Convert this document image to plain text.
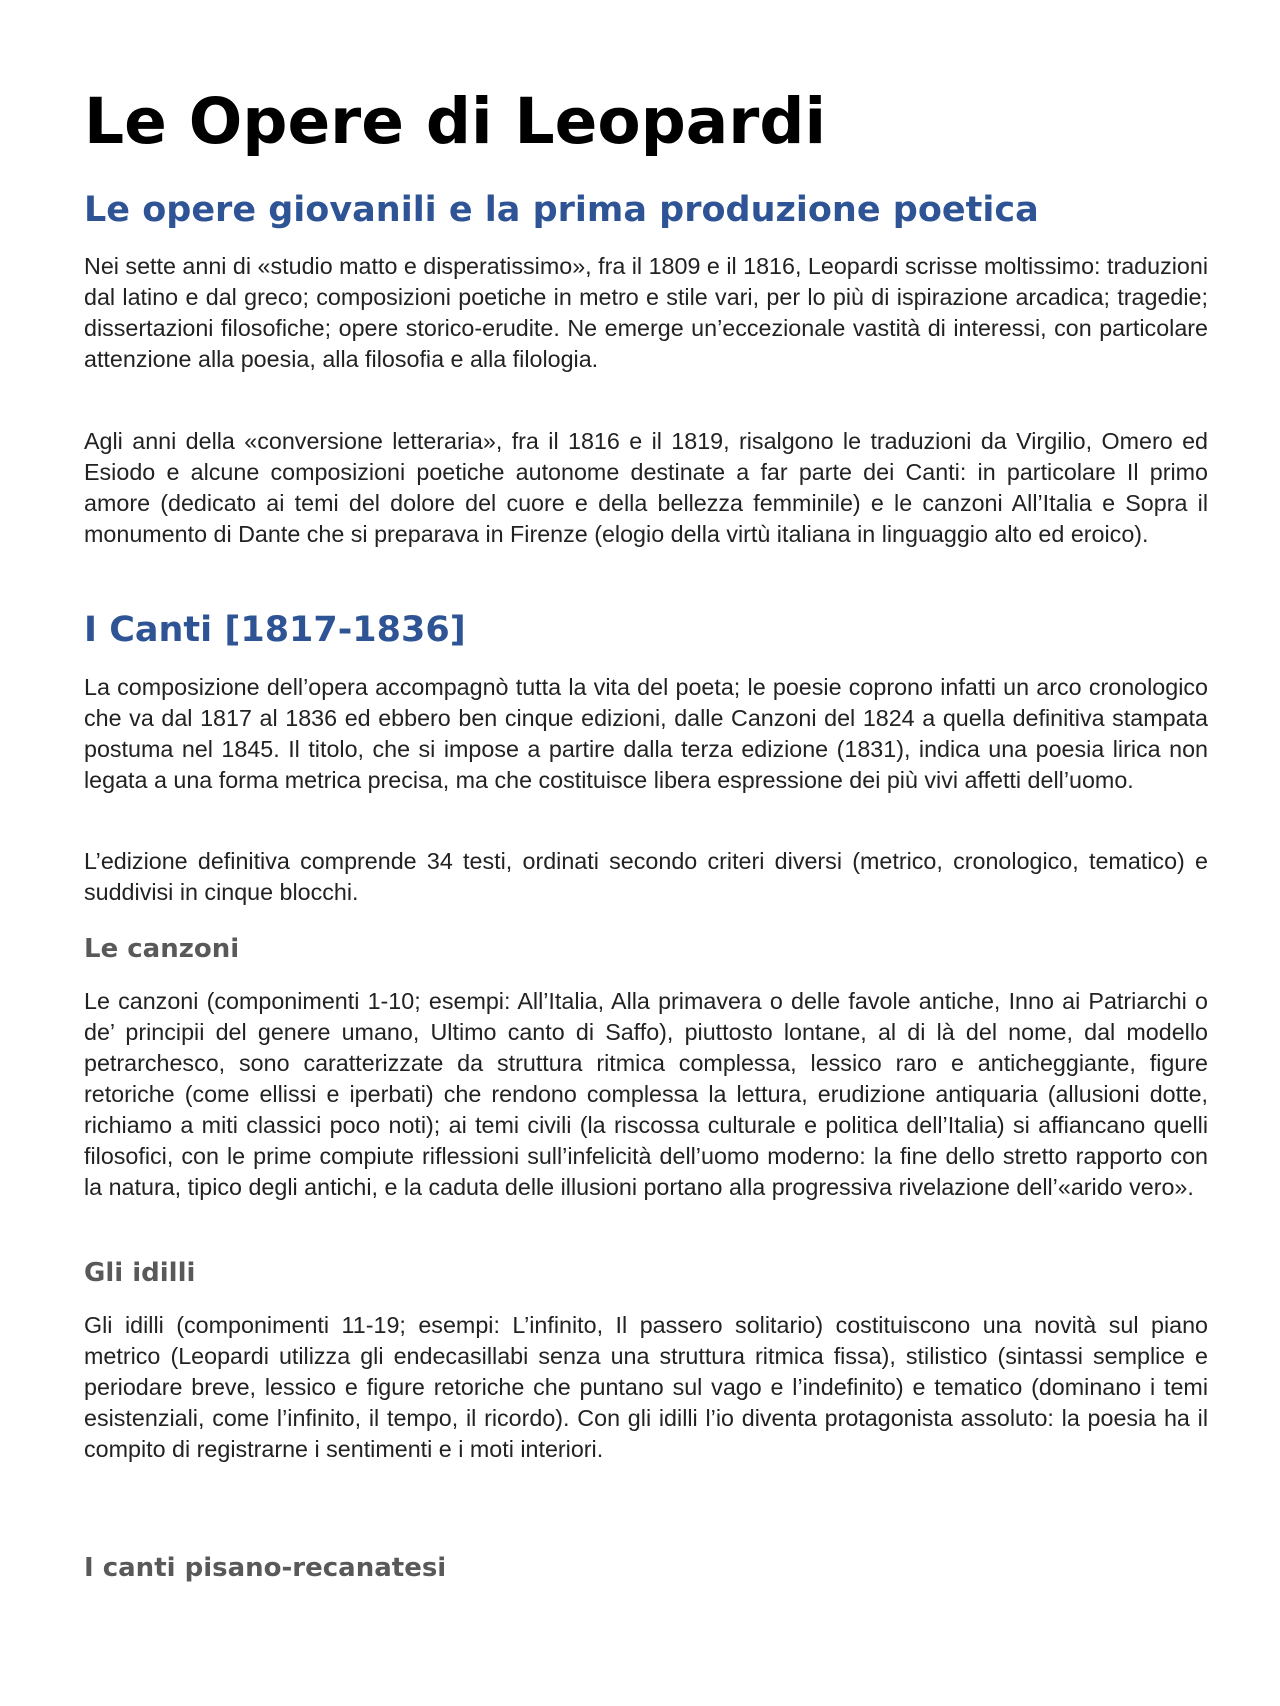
Le Opere di Leopardi
Le opere giovanili e la prima produzione poetica

Nei sette anni di «studio matto e disperatissimo», fra il 1809 e il 1816, Leopardi scrisse moltissimo: traduzioni dal latino e dal greco; composizioni poetiche in metro e stile vari, per lo più di ispirazione arcadica; tragedie; dissertazioni filosofiche; opere storico-erudite. Ne emerge un’eccezionale vastità di interessi, con particolare attenzione alla poesia, alla filosofia e alla filologia.

Agli anni della «conversione letteraria», fra il 1816 e il 1819, risalgono le traduzioni da Virgilio, Omero ed Esiodo e alcune composizioni poetiche autonome destinate a far parte dei Canti: in particolare Il primo amore (dedicato ai temi del dolore del cuore e della bellezza femminile) e le canzoni All’Italia e Sopra il monumento di Dante che si preparava in Firenze (elogio della virtù italiana in linguaggio alto ed eroico).

I Canti [1817-1836]

La composizione dell’opera accompagnò tutta la vita del poeta; le poesie coprono infatti un arco cronologico che va dal 1817 al 1836 ed ebbero ben cinque edizioni, dalle Canzoni del 1824 a quella definitiva stampata postuma nel 1845. Il titolo, che si impose a partire dalla terza edizione (1831), indica una poesia lirica non legata a una forma metrica precisa, ma che costituisce libera espressione dei più vivi affetti dell’uomo.

L’edizione definitiva comprende 34 testi, ordinati secondo criteri diversi (metrico, cronologico, tematico) e suddivisi in cinque blocchi.

Le canzoni

Le canzoni (componimenti 1-10; esempi: All’Italia, Alla primavera o delle favole antiche, Inno ai Patriarchi o de’ principii del genere umano, Ultimo canto di Saffo), piuttosto lontane, al di là del nome, dal modello petrarchesco, sono caratterizzate da struttura ritmica complessa, lessico raro e anticheggiante, figure retoriche (come ellissi e iperbati) che rendono complessa la lettura, erudizione antiquaria (allusioni dotte, richiamo a miti classici poco noti); ai temi civili (la riscossa culturale e politica dell’Italia) si affiancano quelli filosofici, con le prime compiute riflessioni sull’infelicità dell’uomo moderno: la fine dello stretto rapporto con la natura, tipico degli antichi, e la caduta delle illusioni portano alla progressiva rivelazione dell’«arido vero».

Gli idilli

Gli idilli (componimenti 11-19; esempi: L’infinito, Il passero solitario) costituiscono una novità sul piano metrico (Leopardi utilizza gli endecasillabi senza una struttura ritmica fissa), stilistico (sintassi semplice e periodare breve, lessico e figure retoriche che puntano sul vago e l’indefinito) e tematico (dominano i temi esistenziali, come l’infinito, il tempo, il ricordo). Con gli idilli l’io diventa protagonista assoluto: la poesia ha il compito di registrarne i sentimenti e i moti interiori.

I canti pisano-recanatesi
